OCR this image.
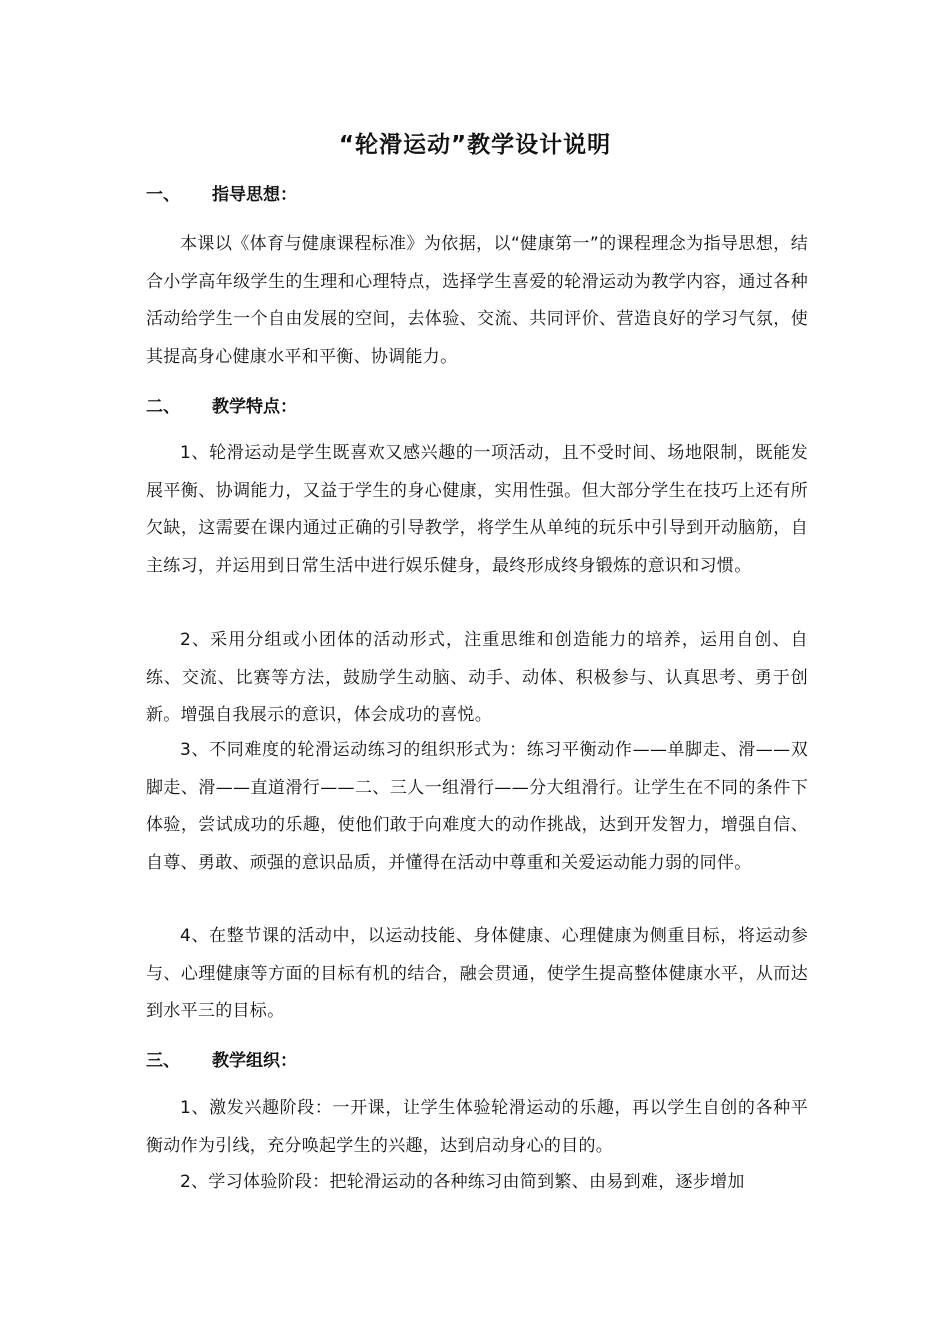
“轮滑运动”教学设计说明
一、 指导思想：
本课以《体育与健康课程标准》为依据，以“健康第一”的课程理念为指导思想，结合小学高年级学生的生理和心理特点，选择学生喜爱的轮滑运动为教学内容，通过各种活动给学生一个自由发展的空间，去体验、交流、共同评价、营造良好的学习气氛，使其提高身心健康水平和平衡、协调能力。
二、 教学特点：
1、轮滑运动是学生既喜欢又感兴趣的一项活动，且不受时间、场地限制，既能发展平衡、协调能力，又益于学生的身心健康，实用性强。但大部分学生在技巧上还有所欠缺，这需要在课内通过正确的引导教学，将学生从单纯的玩乐中引导到开动脑筋，自主练习，并运用到日常生活中进行娱乐健身，最终形成终身锻炼的意识和习惯。
2、采用分组或小团体的活动形式，注重思维和创造能力的培养，运用自创、自练、交流、比赛等方法，鼓励学生动脑、动手、动体、积极参与、认真思考、勇于创新。增强自我展示的意识，体会成功的喜悦。
3、不同难度的轮滑运动练习的组织形式为：练习平衡动作——单脚走、滑——双脚走、滑——直道滑行——二、三人一组滑行——分大组滑行。让学生在不同的条件下体验，尝试成功的乐趣，使他们敢于向难度大的动作挑战，达到开发智力，增强自信、自尊、勇敢、顽强的意识品质，并懂得在活动中尊重和关爱运动能力弱的同伴。
4、在整节课的活动中，以运动技能、身体健康、心理健康为侧重目标，将运动参与、心理健康等方面的目标有机的结合，融会贯通，使学生提高整体健康水平，从而达到水平三的目标。
三、 教学组织：
1、激发兴趣阶段：一开课，让学生体验轮滑运动的乐趣，再以学生自创的各种平衡动作为引线，充分唤起学生的兴趣，达到启动身心的目的。
2、学习体验阶段：把轮滑运动的各种练习由简到繁、由易到难，逐步增加
